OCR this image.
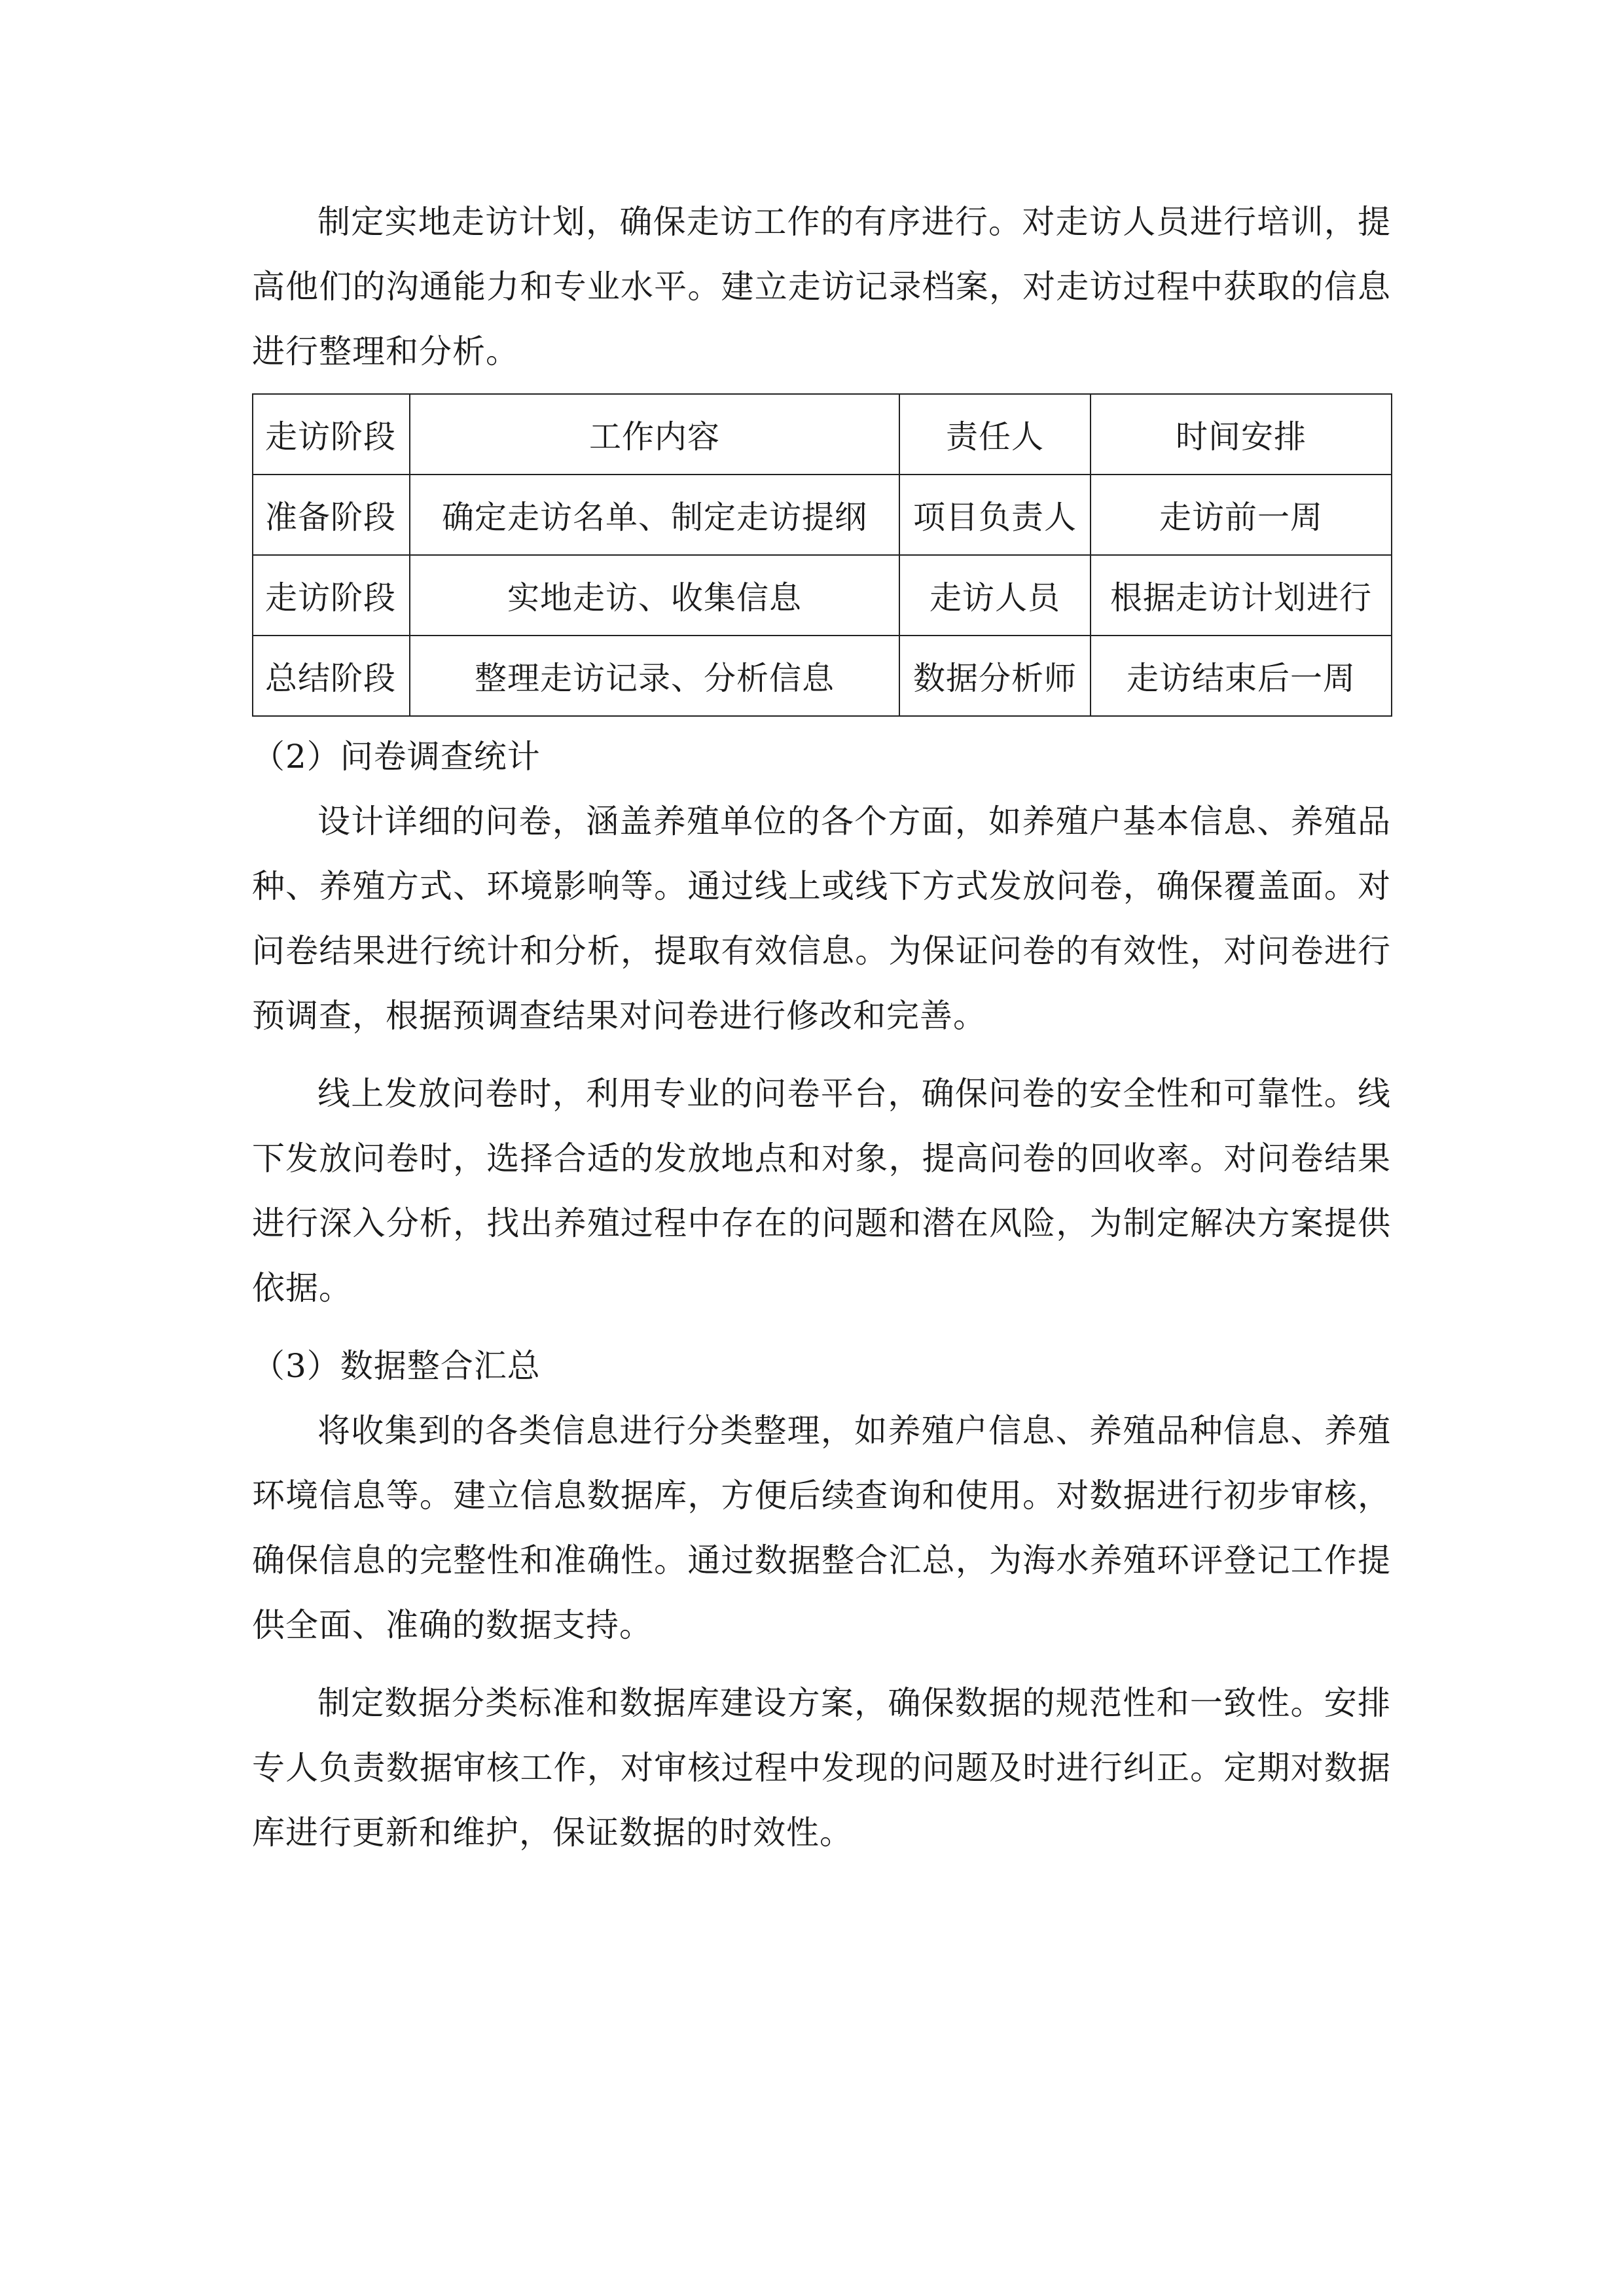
制定实地走访计划，确保走访工作的有序进行。对走访人员进行培训，提高他们的沟通能力和专业水平。建立走访记录档案，对走访过程中获取的信息进行整理和分析。

走访阶段	工作内容	责任人	时间安排
准备阶段	确定走访名单、制定走访提纲	项目负责人	走访前一周
走访阶段	实地走访、收集信息	走访人员	根据走访计划进行
总结阶段	整理走访记录、分析信息	数据分析师	走访结束后一周

（2）问卷调查统计

设计详细的问卷，涵盖养殖单位的各个方面，如养殖户基本信息、养殖品种、养殖方式、环境影响等。通过线上或线下方式发放问卷，确保覆盖面。对问卷结果进行统计和分析，提取有效信息。为保证问卷的有效性，对问卷进行预调查，根据预调查结果对问卷进行修改和完善。

线上发放问卷时，利用专业的问卷平台，确保问卷的安全性和可靠性。线下发放问卷时，选择合适的发放地点和对象，提高问卷的回收率。对问卷结果进行深入分析，找出养殖过程中存在的问题和潜在风险，为制定解决方案提供依据。

（3）数据整合汇总

将收集到的各类信息进行分类整理，如养殖户信息、养殖品种信息、养殖环境信息等。建立信息数据库，方便后续查询和使用。对数据进行初步审核，确保信息的完整性和准确性。通过数据整合汇总，为海水养殖环评登记工作提供全面、准确的数据支持。

制定数据分类标准和数据库建设方案，确保数据的规范性和一致性。安排专人负责数据审核工作，对审核过程中发现的问题及时进行纠正。定期对数据库进行更新和维护，保证数据的时效性。
